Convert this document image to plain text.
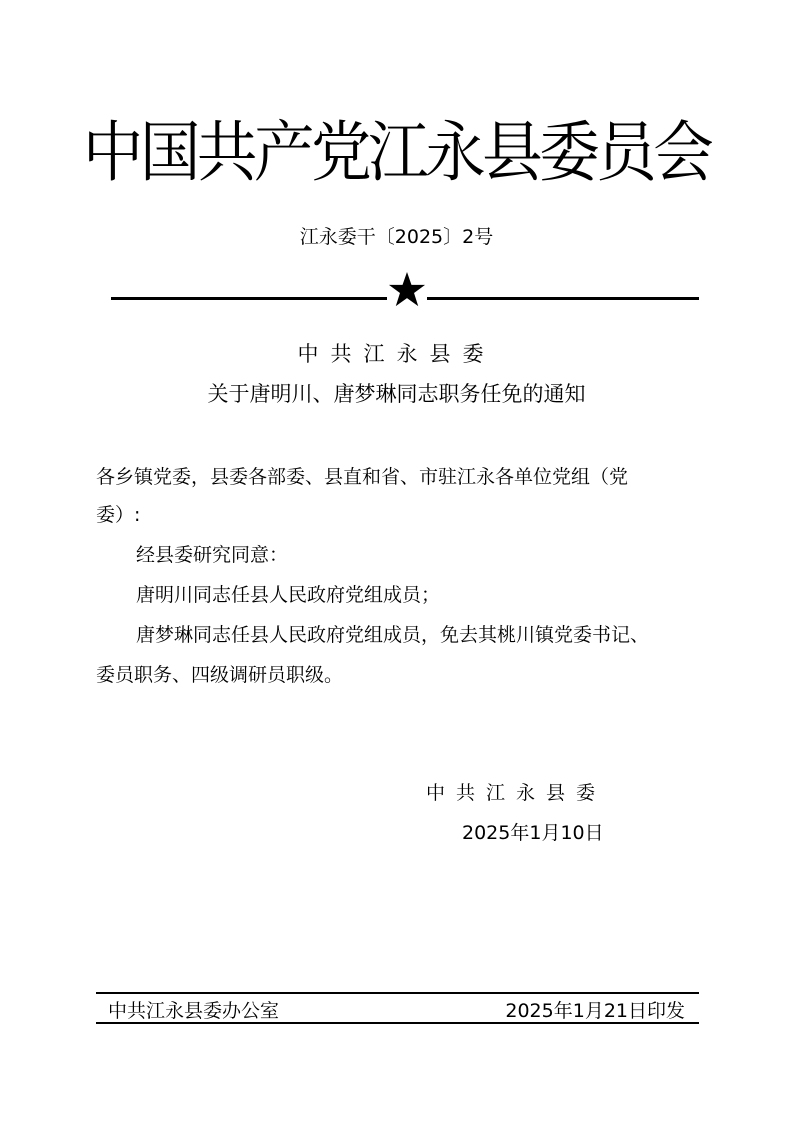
中国共产党江永县委员会
江永委干〔2025〕2号
中共江永县委
关于唐明川、唐梦琳同志职务任免的通知
各乡镇党委，县委各部委、县直和省、市驻江永各单位党组（党
委）:
经县委研究同意：
唐明川同志任县人民政府党组成员；
唐梦琳同志任县人民政府党组成员，免去其桃川镇党委书记、
委员职务、四级调研员职级。
中共江永县委
2025年1月10日
中共江永县委办公室	2025年1月21日印发
